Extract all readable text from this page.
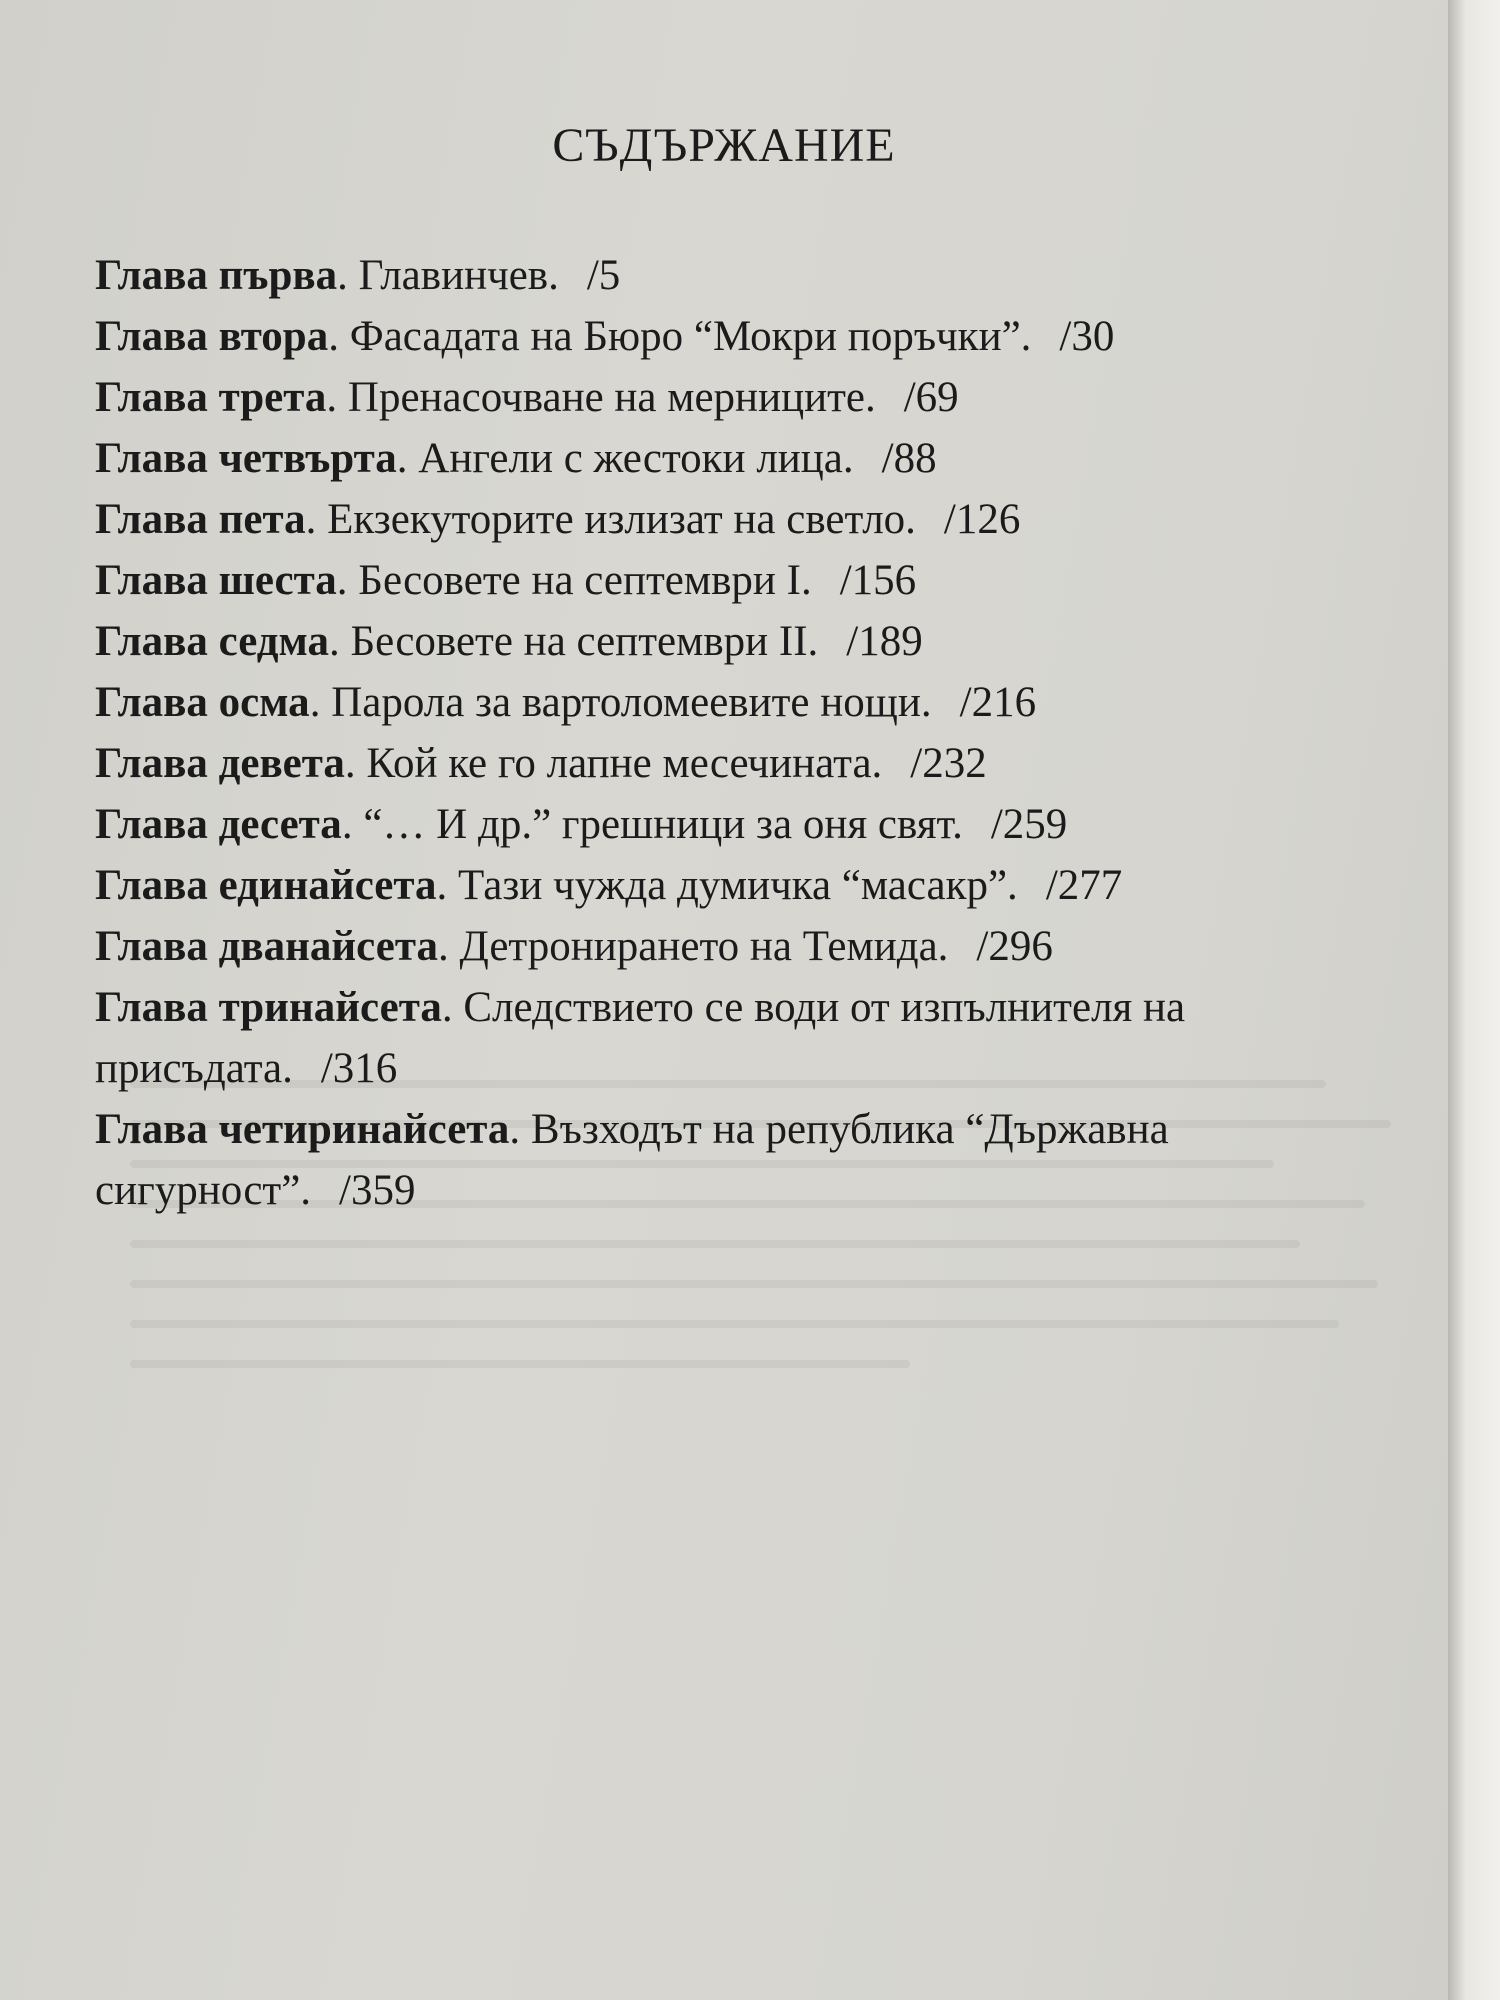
СЪДЪРЖАНИЕ
Глава първа. Главинчев. /5
Глава втора. Фасадата на Бюро “Мокри поръчки”. /30
Глава трета. Пренасочване на мерниците. /69
Глава четвърта. Ангели с жестоки лица. /88
Глава пета. Екзекуторите излизат на светло. /126
Глава шеста. Бесовете на септември I. /156
Глава седма. Бесовете на септември II. /189
Глава осма. Парола за вартоломеевите нощи. /216
Глава девета. Кой ке го лапне месечината. /232
Глава десета. “… И др.” грешници за оня свят. /259
Глава единайсета. Тази чужда думичка “масакр”. /277
Глава дванайсета. Детронирането на Темида. /296
Глава тринайсета. Следствието се води от изпълнителя на присъдата. /316
Глава четиринайсета. Възходът на република “Държавна сигурност”. /359
